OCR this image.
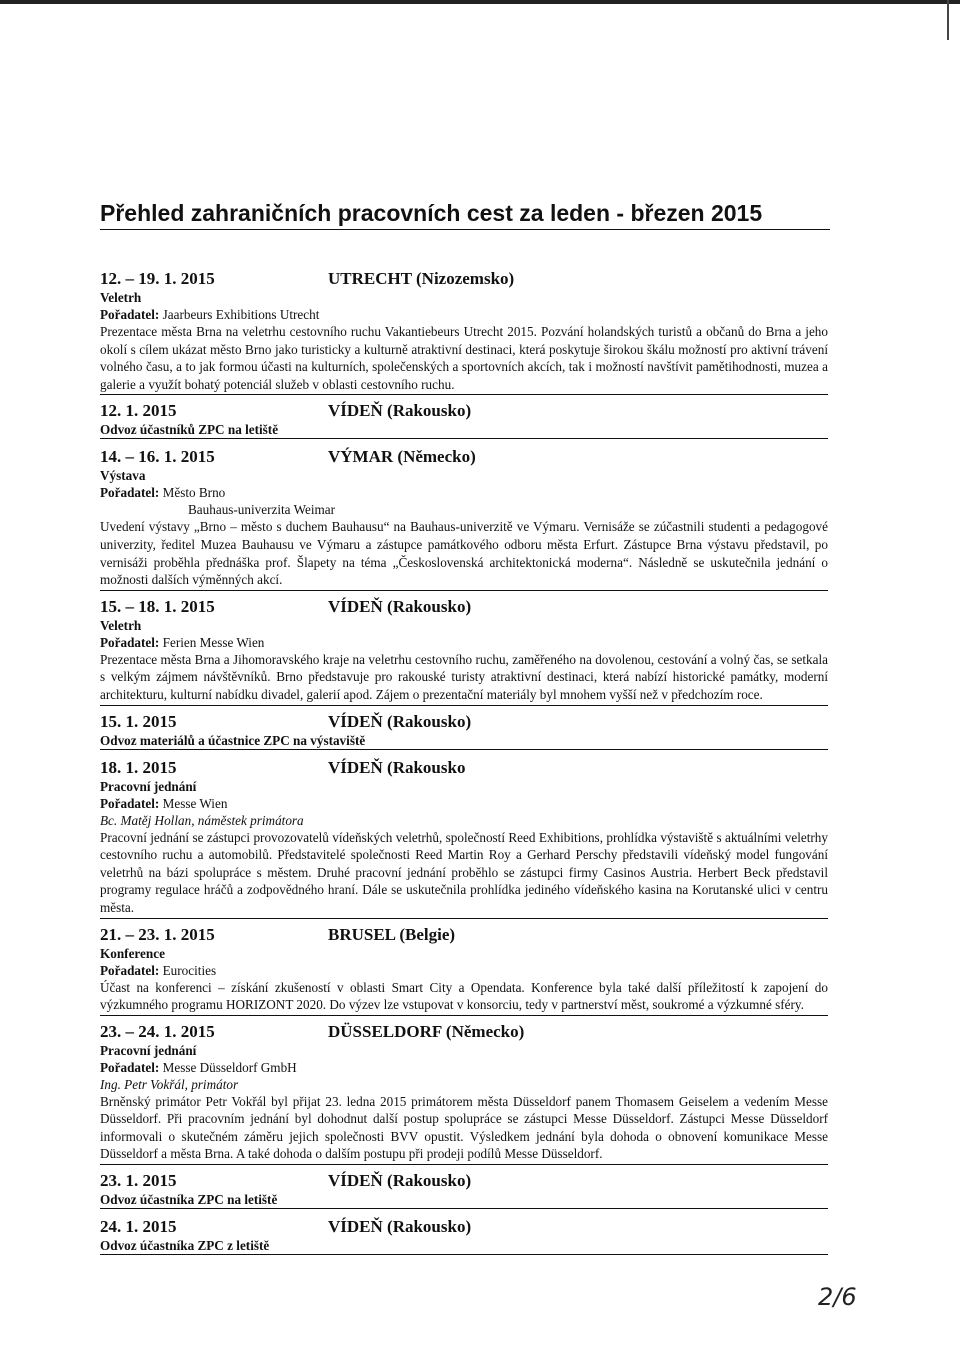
Přehled zahraničních pracovních cest za leden - březen 2015
12. – 19. 1. 2015	UTRECHT (Nizozemsko)
Veletrh
Pořadatel: Jaarbeurs Exhibitions Utrecht
Prezentace města Brna na veletrhu cestovního ruchu Vakantiebeurs Utrecht 2015. Pozvání holandských turistů a občanů do Brna a jeho okolí s cílem ukázat město Brno jako turisticky a kulturně atraktivní destinaci, která poskytuje širokou škálu možností pro aktivní trávení volného času, a to jak formou účasti na kulturních, společenských a sportovních akcích, tak i možností navštívit pamětihodnosti, muzea a galerie a využít bohatý potenciál služeb v oblasti cestovního ruchu.
12. 1. 2015	VÍDEŇ (Rakousko)
Odvoz účastníků ZPC na letiště
14. – 16. 1. 2015	VÝMAR (Německo)
Výstava
Pořadatel: Město Brno
Bauhaus-univerzita Weimar
Uvedení výstavy „Brno – město s duchem Bauhausu“ na Bauhaus-univerzitě ve Výmaru. Vernisáže se zúčastnili studenti a pedagogové univerzity, ředitel Muzea Bauhausu ve Výmaru a zástupce památkového odboru města Erfurt. Zástupce Brna výstavu představil, po vernisáži proběhla přednáška prof. Šlapety na téma „Československá architektonická moderna“. Následně se uskutečnila jednání o možnosti dalších výměnných akcí.
15. – 18. 1. 2015	VÍDEŇ (Rakousko)
Veletrh
Pořadatel: Ferien Messe Wien
Prezentace města Brna a Jihomoravského kraje na veletrhu cestovního ruchu, zaměřeného na dovolenou, cestování a volný čas, se setkala s velkým zájmem návštěvníků. Brno představuje pro rakouské turisty atraktivní destinaci, která nabízí historické památky, moderní architekturu, kulturní nabídku divadel, galerií apod. Zájem o prezentační materiály byl mnohem vyšší než v předchozím roce.
15. 1. 2015	VÍDEŇ (Rakousko)
Odvoz materiálů a účastnice ZPC na výstaviště
18. 1. 2015	VÍDEŇ (Rakousko
Pracovní jednání
Pořadatel: Messe Wien
Bc. Matěj Hollan, náměstek primátora
Pracovní jednání se zástupci provozovatelů vídeňských veletrhů, společností Reed Exhibitions, prohlídka výstaviště s aktuálními veletrhy cestovního ruchu a automobilů. Představitelé společnosti Reed Martin Roy a Gerhard Perschy představili vídeňský model fungování veletrhů na bázi spolupráce s městem. Druhé pracovní jednání proběhlo se zástupci firmy Casinos Austria. Herbert Beck představil programy regulace hráčů a zodpovědného hraní. Dále se uskutečnila prohlídka jediného vídeňského kasina na Korutanské ulici v centru města.
21. – 23. 1. 2015	BRUSEL (Belgie)
Konference
Pořadatel: Eurocities
Účast na konferenci – získání zkušeností v oblasti Smart City a Opendata. Konference byla také další příležitostí k zapojení do výzkumného programu HORIZONT 2020. Do výzev lze vstupovat v konsorciu, tedy v partnerství měst, soukromé a výzkumné sféry.
23. – 24. 1. 2015	DÜSSELDORF (Německo)
Pracovní jednání
Pořadatel: Messe Düsseldorf GmbH
Ing. Petr Vokřál, primátor
Brněnský primátor Petr Vokřál byl přijat 23. ledna 2015 primátorem města Düsseldorf panem Thomasem Geiselem a vedením Messe Düsseldorf. Při pracovním jednání byl dohodnut další postup spolupráce se zástupci Messe Düsseldorf. Zástupci Messe Düsseldorf informovali o skutečném záměru jejich společnosti BVV opustit. Výsledkem jednání byla dohoda o obnovení komunikace Messe Düsseldorf a města Brna. A také dohoda o dalším postupu při prodeji podílů Messe Düsseldorf.
23. 1. 2015	VÍDEŇ (Rakousko)
Odvoz účastníka ZPC na letiště
24. 1. 2015	VÍDEŇ (Rakousko)
Odvoz účastníka ZPC z letiště
2/6
